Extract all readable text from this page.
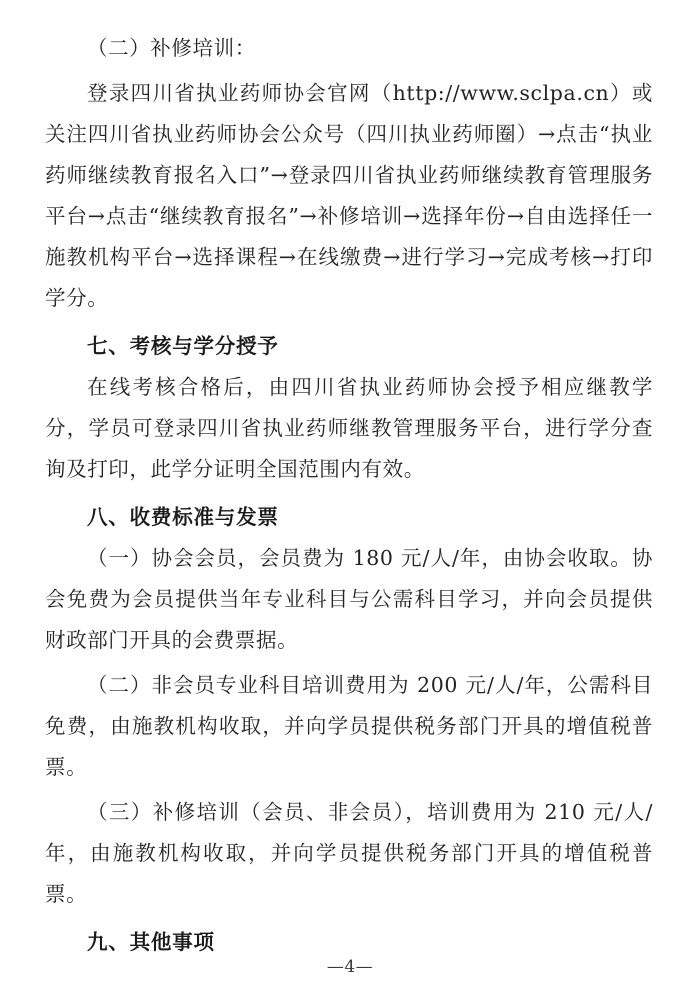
（二）补修培训：

登录四川省执业药师协会官网（http://www.sclpa.cn）或关注四川省执业药师协会公众号（四川执业药师圈）→点击“执业药师继续教育报名入口”→登录四川省执业药师继续教育管理服务平台→点击“继续教育报名”→补修培训→选择年份→自由选择任一施教机构平台→选择课程→在线缴费→进行学习→完成考核→打印学分。

七、考核与学分授予

在线考核合格后，由四川省执业药师协会授予相应继教学分，学员可登录四川省执业药师继教管理服务平台，进行学分查询及打印，此学分证明全国范围内有效。

八、收费标准与发票

（一）协会会员，会员费为 180 元/人/年，由协会收取。协会免费为会员提供当年专业科目与公需科目学习，并向会员提供财政部门开具的会费票据。

（二）非会员专业科目培训费用为 200 元/人/年，公需科目免费，由施教机构收取，并向学员提供税务部门开具的增值税普票。

（三）补修培训（会员、非会员），培训费用为 210 元/人/年，由施教机构收取，并向学员提供税务部门开具的增值税普票。

九、其他事项

—4—
